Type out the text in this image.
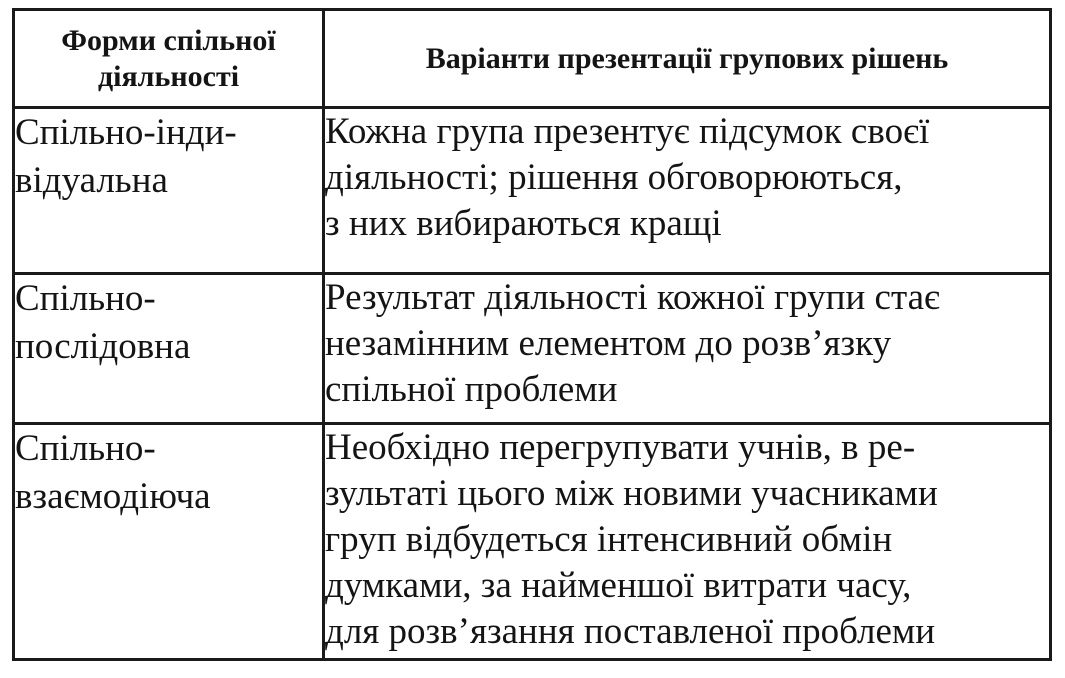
Форми спільної
діяльності	Варіанти презентації групових рішень
Спільно-інди-
відуальна	Кожна група презентує підсумок своєї
діяльності; рішення обговорюються,
з них вибираються кращі
Спільно-
послідовна	Результат діяльності кожної групи стає
незамінним елементом до розв’язку
спільної проблеми
Спільно-
взаємодіюча	Необхідно перегрупувати учнів, в ре-
зультаті цього між новими учасниками
груп відбудеться інтенсивний обмін
думками, за найменшої витрати часу,
для розв’язання поставленої проблеми
